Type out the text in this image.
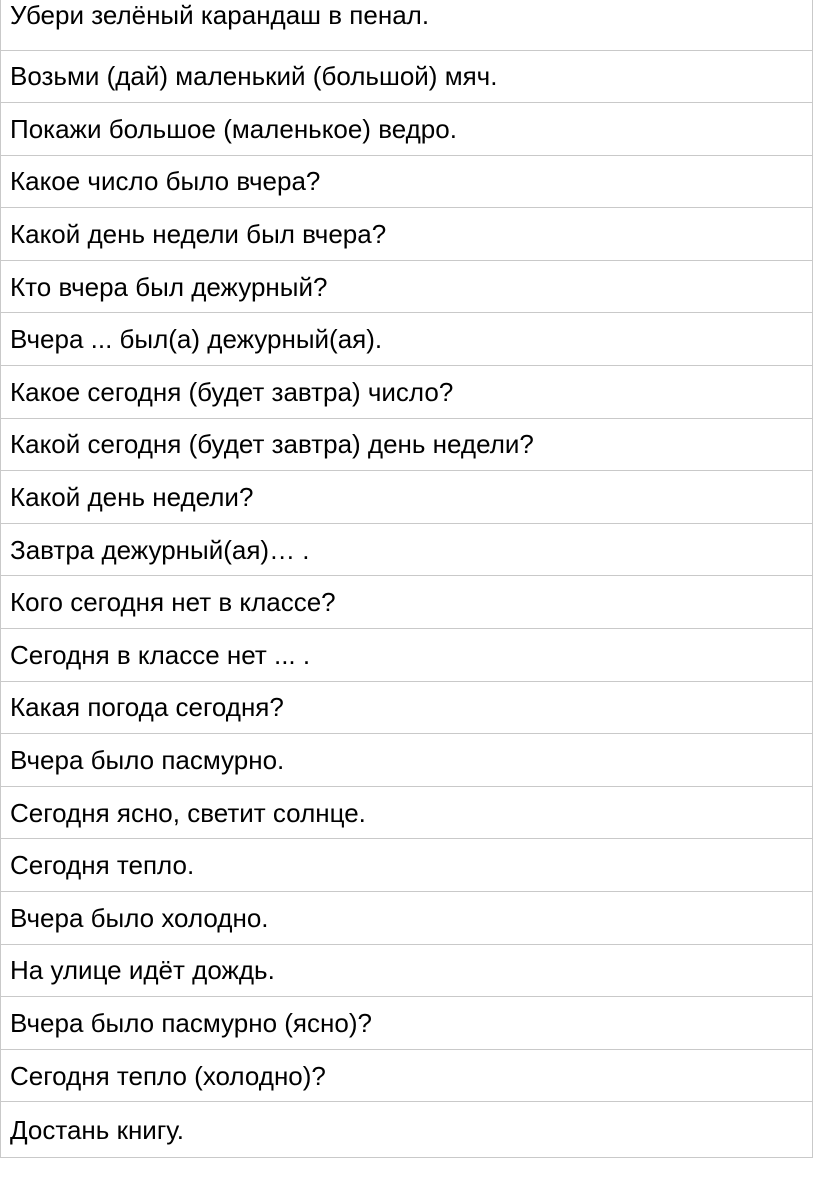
Убери зелёный карандаш в пенал.
Возьми (дай) маленький (большой) мяч.
Покажи большое (маленькое) ведро.
Какое число было вчера?
Какой день недели был вчера?
Кто вчера был дежурный?
Вчера ... был(а) дежурный(ая).
Какое сегодня (будет завтра) число?
Какой сегодня (будет завтра) день недели?
Какой день недели?
Завтра дежурный(ая)… .
Кого сегодня нет в классе?
Сегодня в классе нет ... .
Какая погода сегодня?
Вчера было пасмурно.
Сегодня ясно, светит солнце.
Сегодня тепло.
Вчера было холодно.
На улице идёт дождь.
Вчера было пасмурно (ясно)?
Сегодня тепло (холодно)?
Достань книгу.
